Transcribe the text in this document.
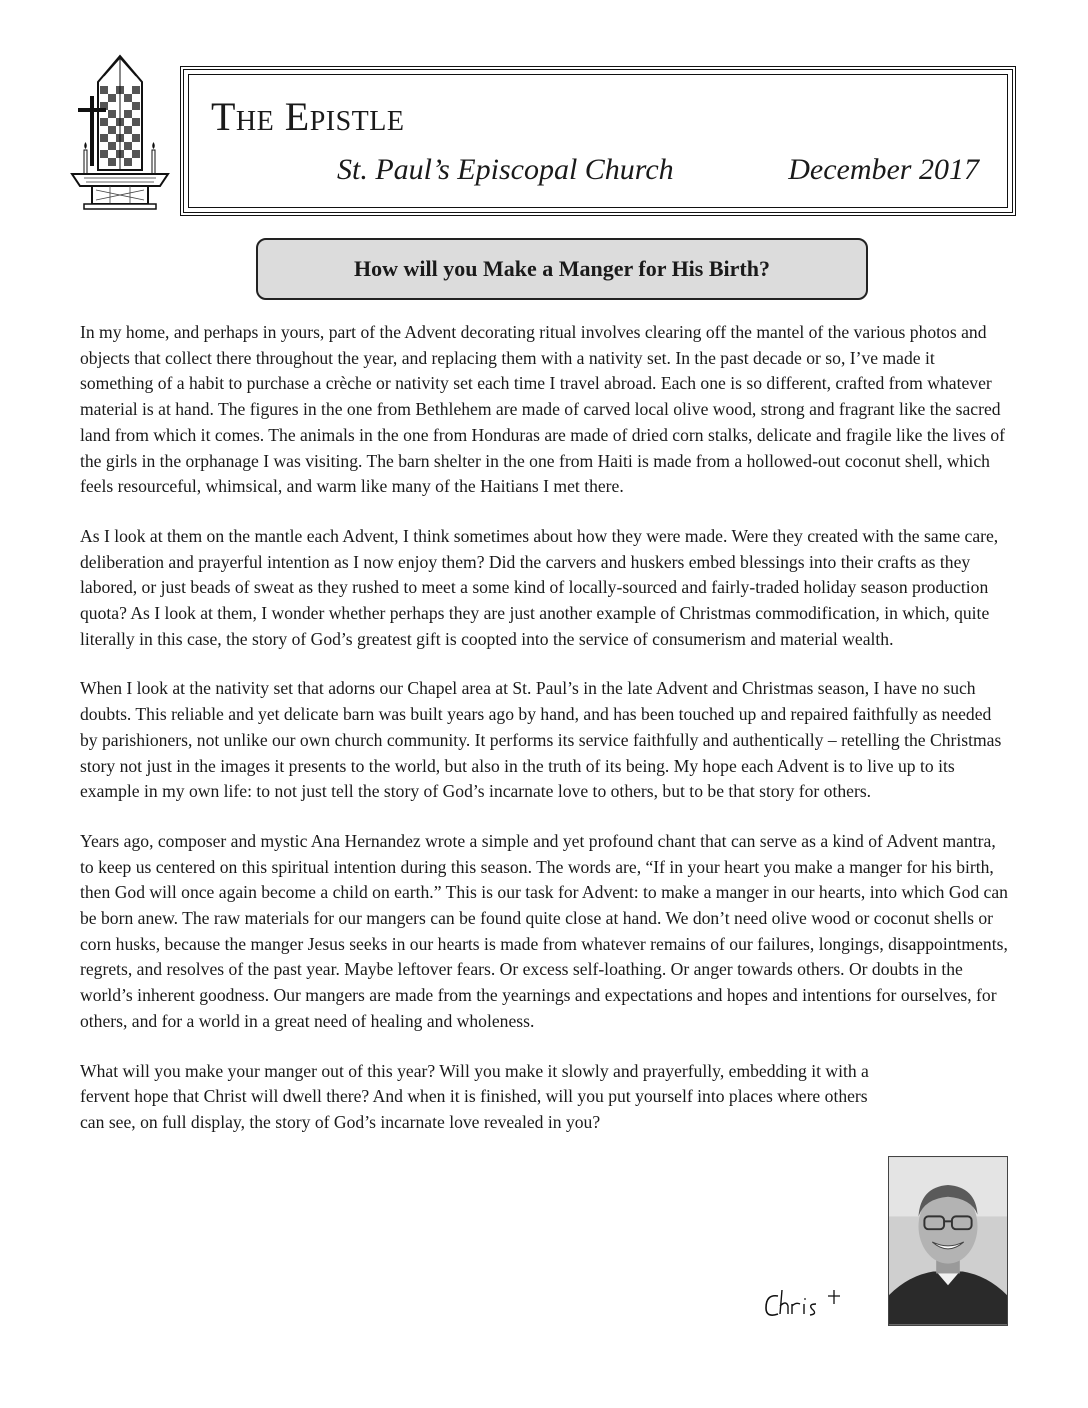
The Epistle
St. Paul’s Episcopal Church	December 2017
How will you Make a Manger for His Birth?

In my home, and perhaps in yours, part of the Advent decorating ritual involves clearing off the mantel of the various photos and objects that collect there throughout the year, and replacing them with a nativity set. In the past decade or so, I’ve made it something of a habit to purchase a crèche or nativity set each time I travel abroad. Each one is so different, crafted from whatever material is at hand. The figures in the one from Bethlehem are made of carved local olive wood, strong and fragrant like the sacred land from which it comes. The animals in the one from Honduras are made of dried corn stalks, delicate and fragile like the lives of the girls in the orphanage I was visiting. The barn shelter in the one from Haiti is made from a hollowed-out coconut shell, which feels resourceful, whimsical, and warm like many of the Haitians I met there.

As I look at them on the mantle each Advent, I think sometimes about how they were made. Were they created with the same care, deliberation and prayerful intention as I now enjoy them? Did the carvers and huskers embed blessings into their crafts as they labored, or just beads of sweat as they rushed to meet a some kind of locally-sourced and fairly-traded holiday season production quota? As I look at them, I wonder whether perhaps they are just another example of Christmas commodification, in which, quite literally in this case, the story of God’s greatest gift is coopted into the service of consumerism and material wealth.

When I look at the nativity set that adorns our Chapel area at St. Paul’s in the late Advent and Christmas season, I have no such doubts. This reliable and yet delicate barn was built years ago by hand, and has been touched up and repaired faithfully as needed by parishioners, not unlike our own church community. It performs its service faithfully and authentically – retelling the Christmas story not just in the images it presents to the world, but also in the truth of its being. My hope each Advent is to live up to its example in my own life: to not just tell the story of God’s incarnate love to others, but to be that story for others.

Years ago, composer and mystic Ana Hernandez wrote a simple and yet profound chant that can serve as a kind of Advent mantra, to keep us centered on this spiritual intention during this season. The words are, “If in your heart you make a manger for his birth, then God will once again become a child on earth.” This is our task for Advent: to make a manger in our hearts, into which God can be born anew. The raw materials for our mangers can be found quite close at hand. We don’t need olive wood or coconut shells or corn husks, because the manger Jesus seeks in our hearts is made from whatever remains of our failures, longings, disappointments, regrets, and resolves of the past year. Maybe leftover fears. Or excess self-loathing. Or anger towards others. Or doubts in the world’s inherent goodness. Our mangers are made from the yearnings and expectations and hopes and intentions for ourselves, for others, and for a world in a great need of healing and wholeness.

What will you make your manger out of this year? Will you make it slowly and prayerfully, embedding it with a fervent hope that Christ will dwell there? And when it is finished, will you put yourself into places where others can see, on full display, the story of God’s incarnate love revealed in you?
